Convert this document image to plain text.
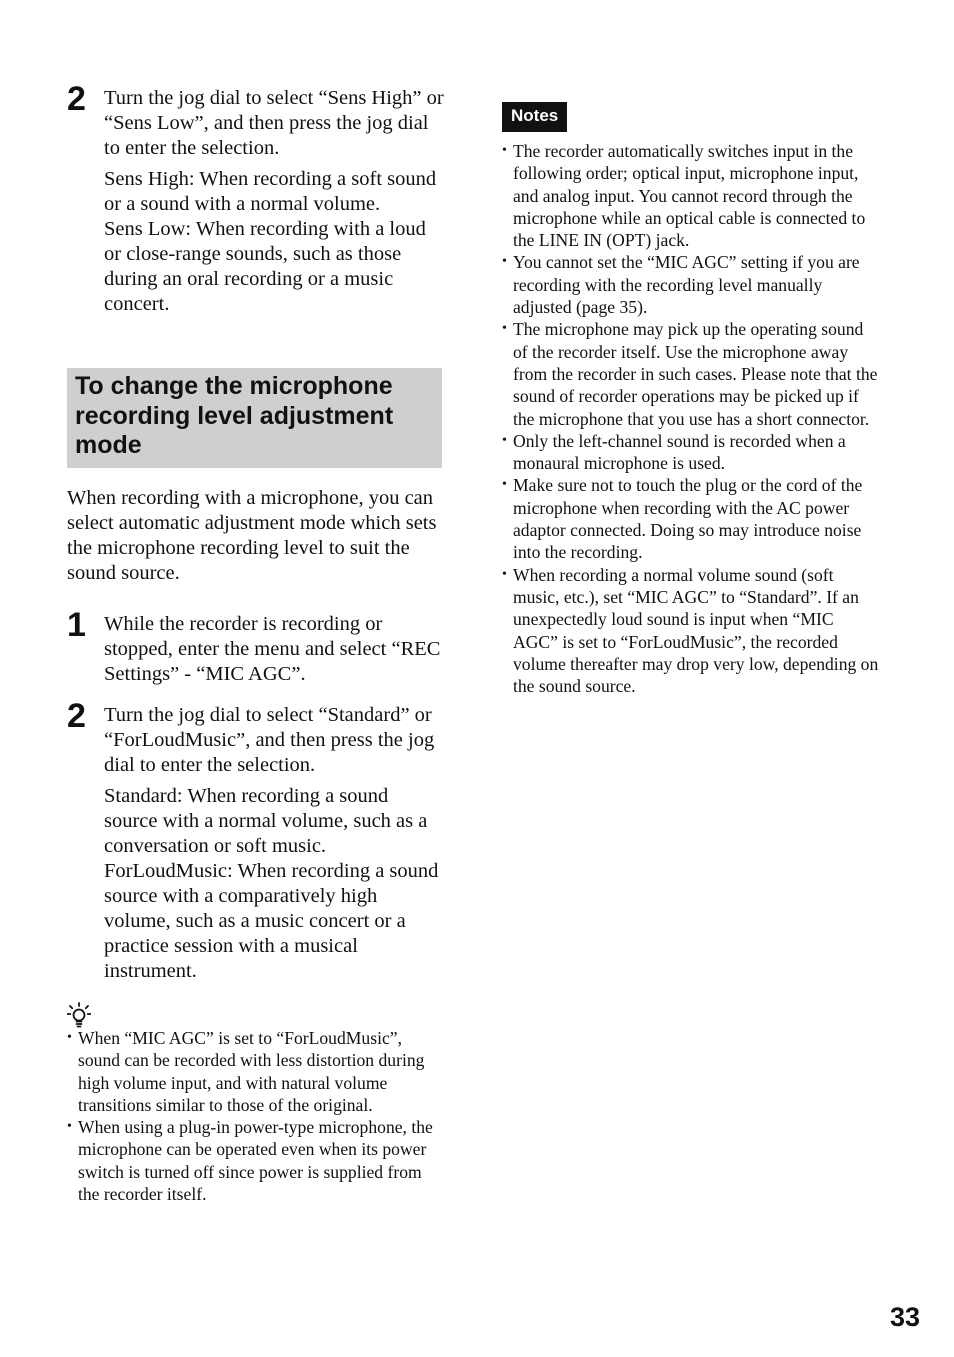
2 Turn the jog dial to select “Sens High” or “Sens Low”, and then press the jog dial to enter the selection.

Sens High: When recording a soft sound or a sound with a normal volume.

Sens Low: When recording with a loud or close-range sounds, such as those during an oral recording or a music concert.

To change the microphone recording level adjustment mode

When recording with a microphone, you can select automatic adjustment mode which sets the microphone recording level to suit the sound source.

1 While the recorder is recording or stopped, enter the menu and select “REC Settings” - “MIC AGC”.

2 Turn the jog dial to select “Standard” or “ForLoudMusic”, and then press the jog dial to enter the selection.

Standard: When recording a sound source with a normal volume, such as a conversation or soft music.

ForLoudMusic: When recording a sound source with a comparatively high volume, such as a music concert or a practice session with a musical instrument.

• When “MIC AGC” is set to “ForLoudMusic”, sound can be recorded with less distortion during high volume input, and with natural volume transitions similar to those of the original.
• When using a plug-in power-type microphone, the microphone can be operated even when its power switch is turned off since power is supplied from the recorder itself.
Notes
• The recorder automatically switches input in the following order; optical input, microphone input, and analog input. You cannot record through the microphone while an optical cable is connected to the LINE IN (OPT) jack.
• You cannot set the “MIC AGC” setting if you are recording with the recording level manually adjusted (page 35).
• The microphone may pick up the operating sound of the recorder itself. Use the microphone away from the recorder in such cases. Please note that the sound of recorder operations may be picked up if the microphone that you use has a short connector.
• Only the left-channel sound is recorded when a monaural microphone is used.
• Make sure not to touch the plug or the cord of the microphone when recording with the AC power adaptor connected. Doing so may introduce noise into the recording.
• When recording a normal volume sound (soft music, etc.), set “MIC AGC” to “Standard”. If an unexpectedly loud sound is input when “MIC AGC” is set to “ForLoudMusic”, the recorded volume thereafter may drop very low, depending on the sound source.
33
